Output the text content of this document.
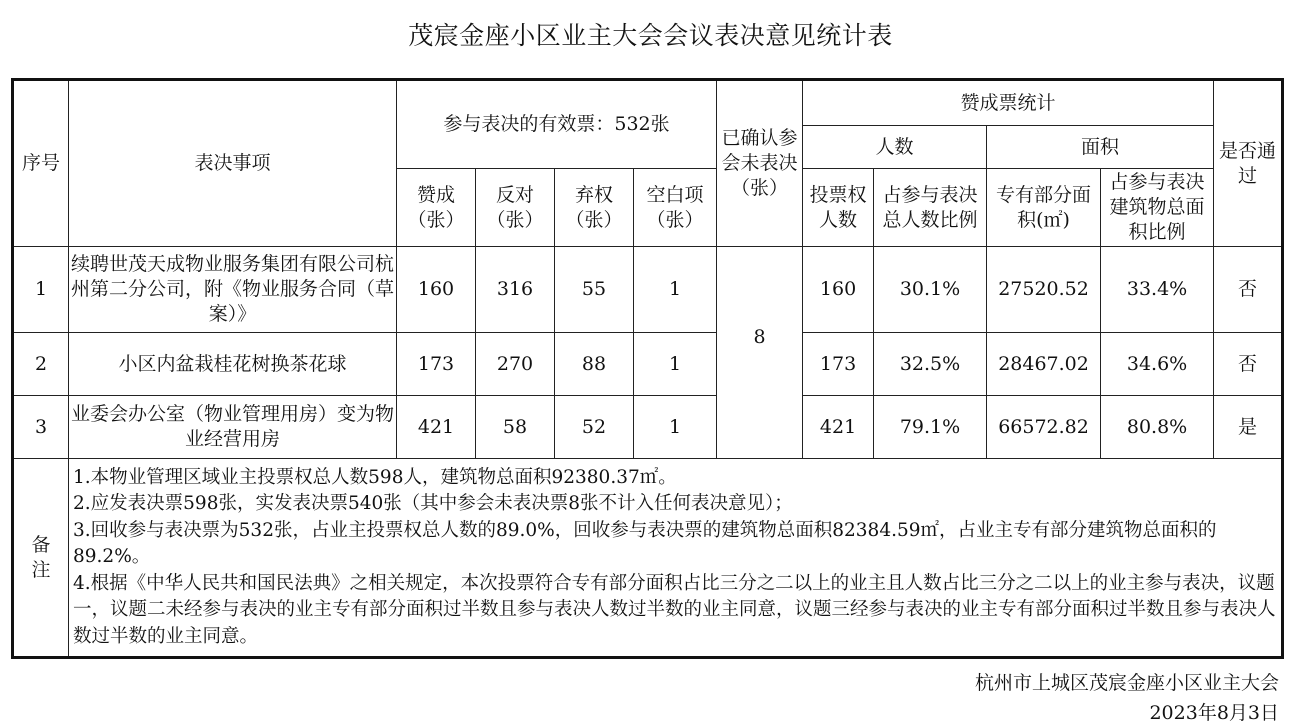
茂宸金座小区业主大会会议表决意见统计表
序号	表决事项	参与表决的有效票：532张				已确认参会未表决（张）	赞成票统计				是否通过
							人数		面积		
		赞成（张）	反对（张）	弃权（张）	空白项（张）		投票权人数	占参与表决总人数比例	专有部分面积(㎡)	占参与表决建筑物总面积比例	
1	续聘世茂天成物业服务集团有限公司杭州第二分公司，附《物业服务合同（草案）》	160	316	55	1	8	160	30.1%	27520.52	33.4%	否
2	小区内盆栽桂花树换茶花球	173	270	88	1		173	32.5%	28467.02	34.6%	否
3	业委会办公室（物业管理用房）变为物业经营用房	421	58	52	1		421	79.1%	66572.82	80.8%	是
备注	1.本物业管理区域业主投票权总人数598人，建筑物总面积92380.37㎡。
2.应发表决票598张，实发表决票540张（其中参会未表决票8张不计入任何表决意见）；
3.回收参与表决票为532张，占业主投票权总人数的89.0%，回收参与表决票的建筑物总面积82384.59㎡，占业主专有部分建筑物总面积的89.2%。
4.根据《中华人民共和国民法典》之相关规定，本次投票符合专有部分面积占比三分之二以上的业主且人数占比三分之二以上的业主参与表决，议题一，议题二未经参与表决的业主专有部分面积过半数且参与表决人数过半数的业主同意，议题三经参与表决的业主专有部分面积过半数且参与表决人数过半数的业主同意。										
杭州市上城区茂宸金座小区业主大会
2023年8月3日
